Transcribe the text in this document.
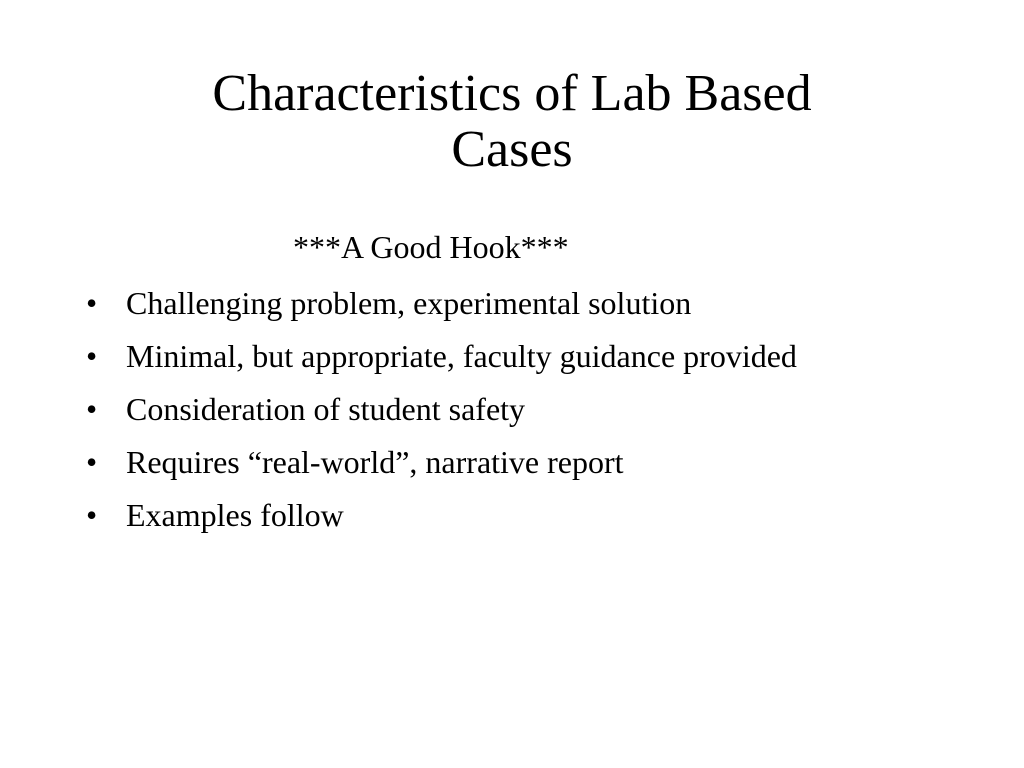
Characteristics of Lab Based
Cases
***A Good Hook***
• Challenging problem, experimental solution
• Minimal, but appropriate, faculty guidance provided
• Consideration of student safety
• Requires “real-world”, narrative report
• Examples follow
